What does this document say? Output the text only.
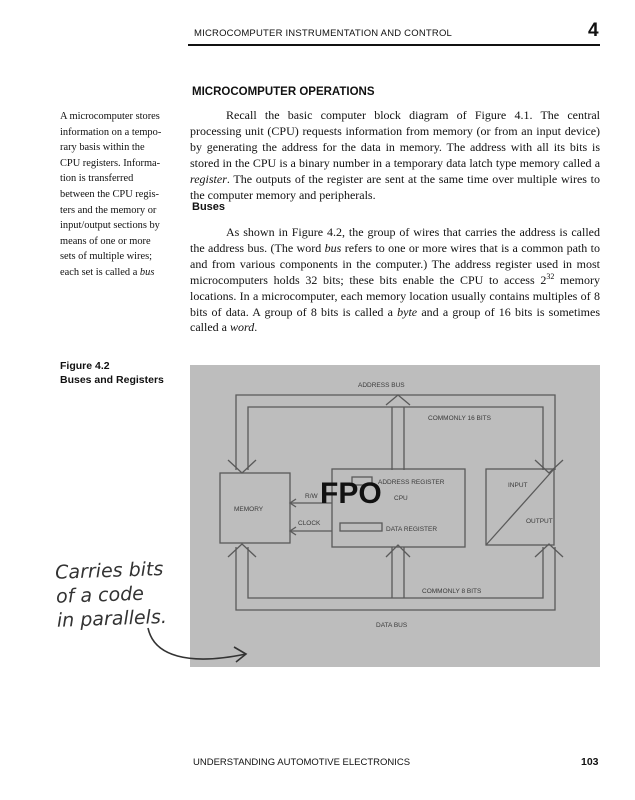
MICROCOMPUTER INSTRUMENTATION AND CONTROL	4
MICROCOMPUTER OPERATIONS
A microcomputer stores
information on a tempo-
rary basis within the
CPU registers. Informa-
tion is transferred
between the CPU regis-
ters and the memory or
input/output sections by
means of one or more
sets of multiple wires;
each set is called a bus

Recall the basic computer block diagram of Figure 4.1. The central processing unit (CPU) requests information from memory (or from an input device) by generating the address for the data in memory. The address with all its bits is stored in the CPU is a binary number in a temporary data latch type memory called a register. The outputs of the register are sent at the same time over multiple wires to the computer memory and peripherals.

Buses

As shown in Figure 4.2, the group of wires that carries the address is called the address bus. (The word bus refers to one or more wires that is a common path to and from various components in the computer.) The address register used in most microcomputers holds 32 bits; these bits enable the CPU to access $2^{32}$ memory locations. In a microcomputer, each memory location usually contains multiples of 8 bits of data. A group of 8 bits is called a byte and a group of 16 bits is sometimes called a word.

Figure 4.2
Buses and Registers	ADDRESS BUS
COMMONLY 16 BITS
MEMORY
R/W
CLOCK
ADDRESS REGISTER
CPU
DATA REGISTER
INPUT
OUTPUT
COMMONLY 8 BITS
DATA BUS
FPO
Carries bits
of a code
in parallels.
UNDERSTANDING AUTOMOTIVE ELECTRONICS	103
